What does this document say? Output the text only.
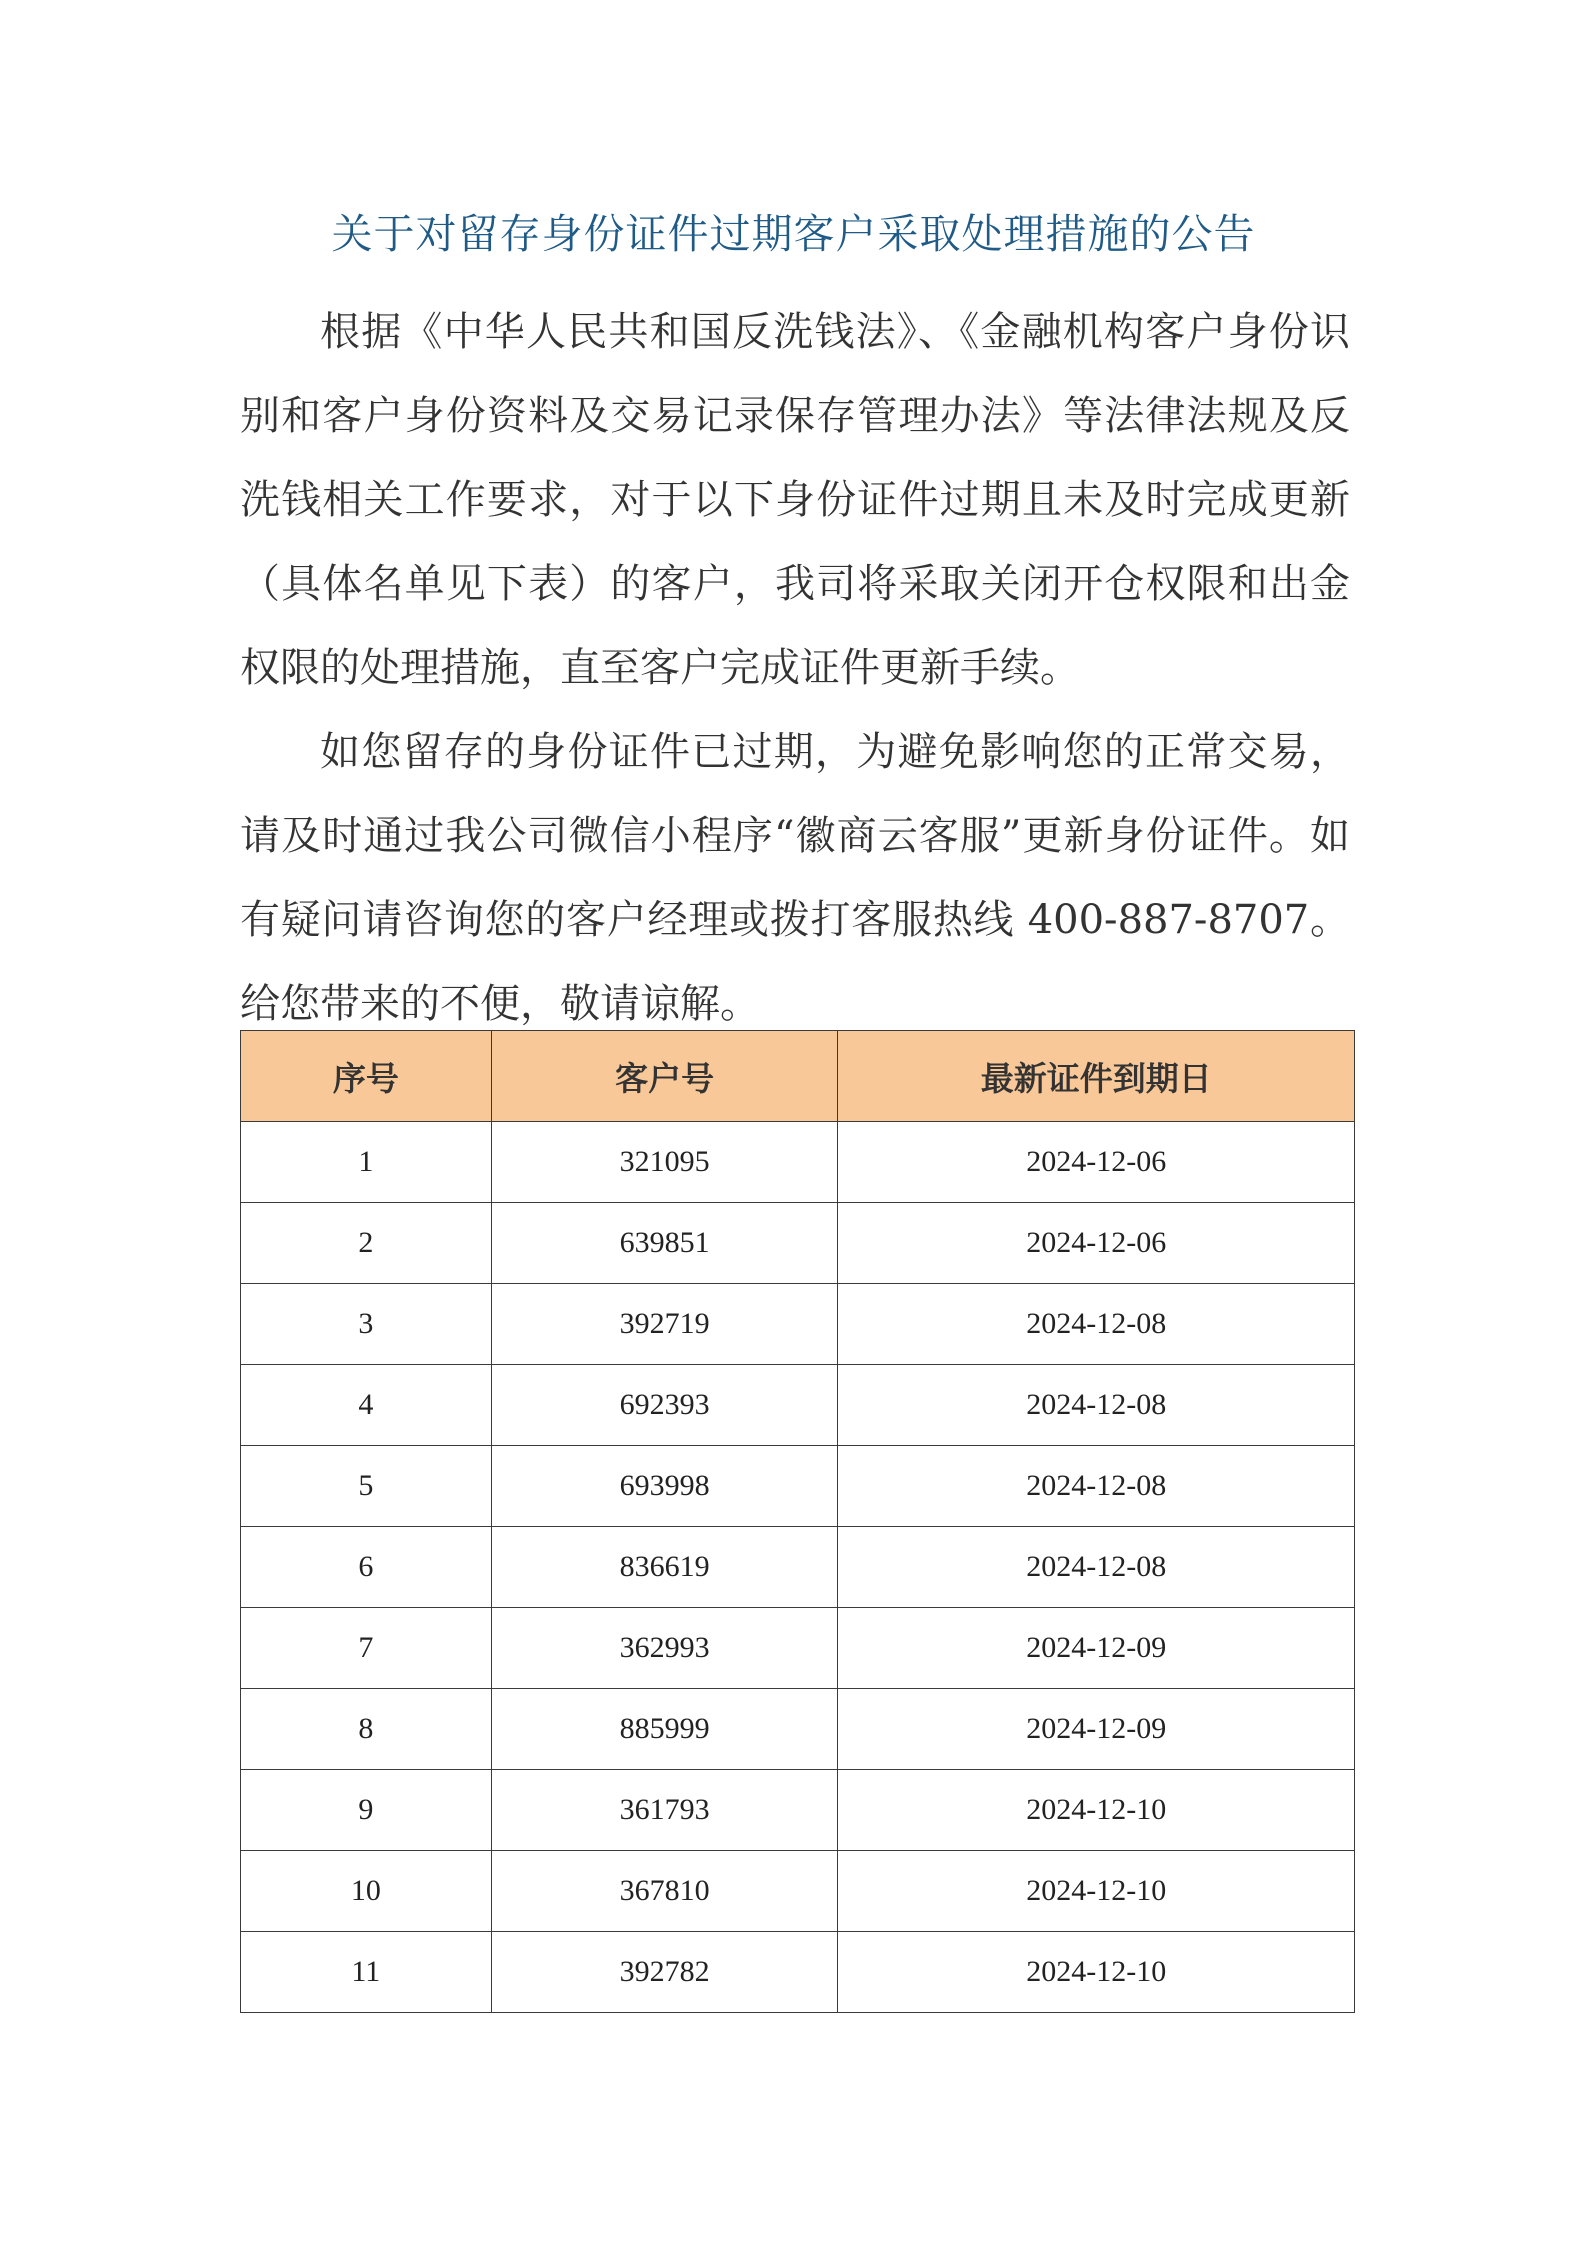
关于对留存身份证件过期客户采取处理措施的公告

根据《中华人民共和国反洗钱法》、《金融机构客户身份识别和客户身份资料及交易记录保存管理办法》等法律法规及反洗钱相关工作要求，对于以下身份证件过期且未及时完成更新（具体名单见下表）的客户，我司将采取关闭开仓权限和出金权限的处理措施，直至客户完成证件更新手续。

如您留存的身份证件已过期，为避免影响您的正常交易，请及时通过我公司微信小程序“徽商云客服”更新身份证件。如有疑问请咨询您的客户经理或拨打客服热线 400-887-8707。给您带来的不便，敬请谅解。

序号	客户号	最新证件到期日
1	321095	2024-12-06
2	639851	2024-12-06
3	392719	2024-12-08
4	692393	2024-12-08
5	693998	2024-12-08
6	836619	2024-12-08
7	362993	2024-12-09
8	885999	2024-12-09
9	361793	2024-12-10
10	367810	2024-12-10
11	392782	2024-12-10
